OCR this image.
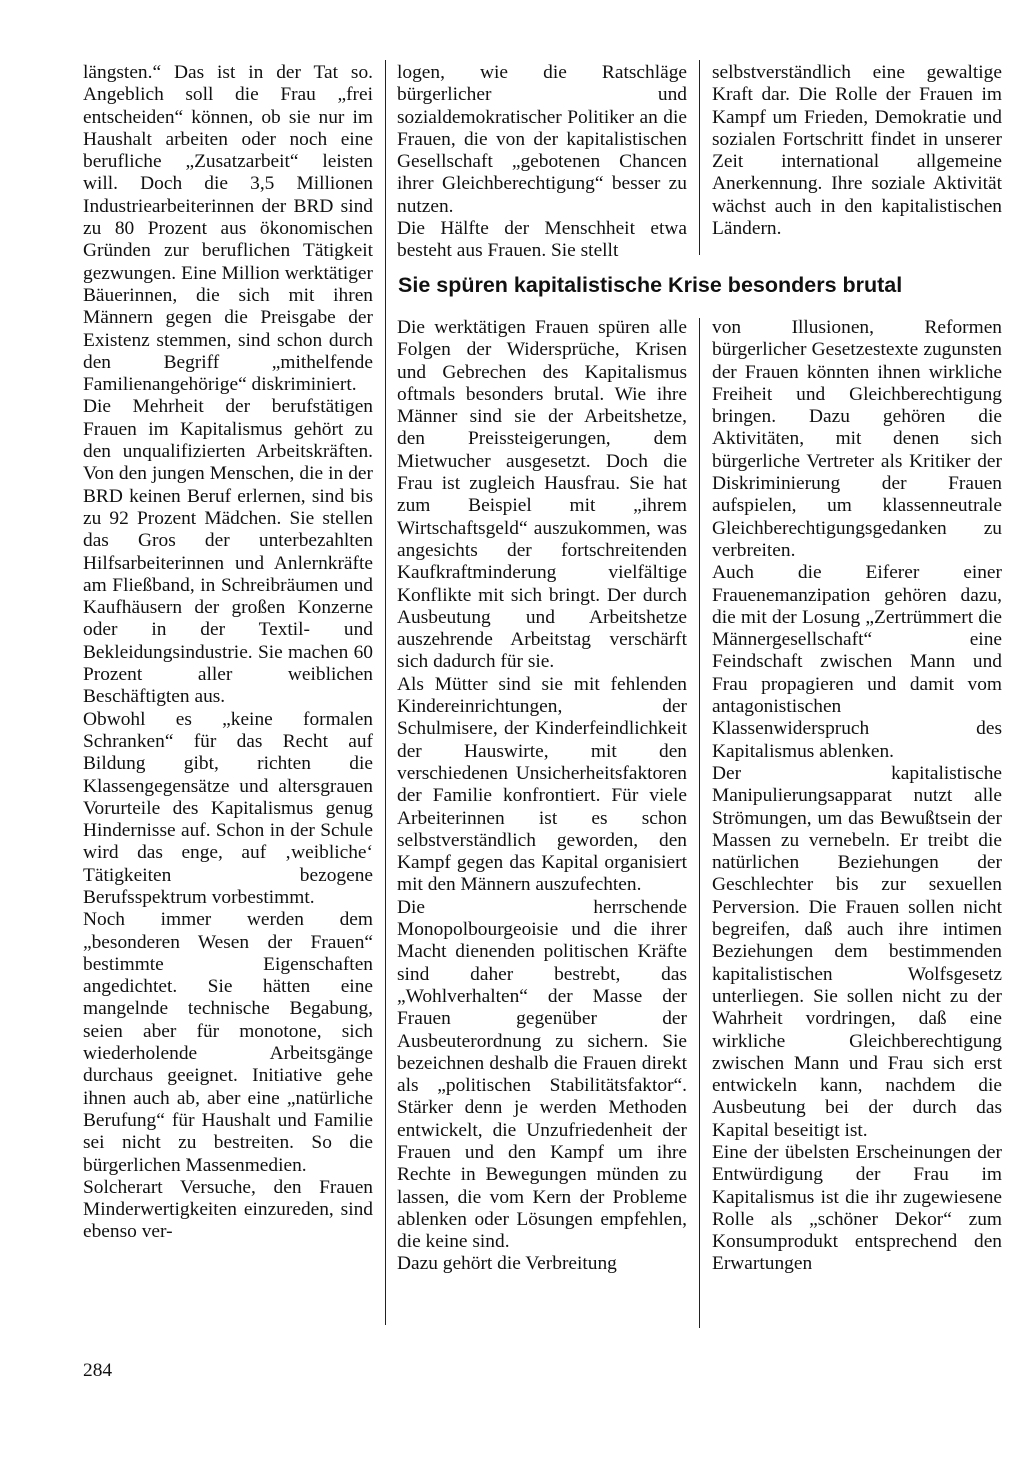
längsten.“ Das ist in der Tat so. Angeblich soll die Frau „frei entscheiden“ können, ob sie nur im Haushalt arbeiten oder noch eine berufliche „Zusatzarbeit“ leisten will. Doch die 3,5 Millionen Industriearbeiterinnen der BRD sind zu 80 Prozent aus ökonomischen Gründen zur beruflichen Tätigkeit gezwungen. Eine Million werktätiger Bäuerinnen, die sich mit ihren Männern gegen die Preisgabe der Existenz stemmen, sind schon durch den Begriff „mithelfende Familienangehörige“ diskriminiert.

Die Mehrheit der berufstätigen Frauen im Kapitalismus gehört zu den unqualifizierten Arbeitskräften. Von den jungen Menschen, die in der BRD keinen Beruf erlernen, sind bis zu 92 Prozent Mädchen. Sie stellen das Gros der unterbezahlten Hilfsarbeiterinnen und Anlernkräfte am Fließband, in Schreibräumen und Kaufhäusern der großen Konzerne oder in der Textil- und Bekleidungsindustrie. Sie machen 60 Prozent aller weiblichen Beschäftigten aus.

Obwohl es „keine formalen Schranken“ für das Recht auf Bildung gibt, richten die Klassengegensätze und altersgrauen Vorurteile des Kapitalismus genug Hindernisse auf. Schon in der Schule wird das enge, auf ‚weibliche‘ Tätigkeiten bezogene Berufsspektrum vorbestimmt.

Noch immer werden dem „besonderen Wesen der Frauen“ bestimmte Eigenschaften angedichtet. Sie hätten eine mangelnde technische Begabung, seien aber für monotone, sich wiederholende Arbeitsgänge durchaus geeignet. Initiative gehe ihnen auch ab, aber eine „natürliche Berufung“ für Haushalt und Familie sei nicht zu bestreiten. So die bürgerlichen Massenmedien.

Solcherart Versuche, den Frauen Minderwertigkeiten einzureden, sind ebenso ver-

logen, wie die Ratschläge bürgerlicher und sozialdemokratischer Politiker an die Frauen, die von der kapitalistischen Gesellschaft „gebotenen Chancen ihrer Gleichberechtigung“ besser zu nutzen.

Die Hälfte der Menschheit etwa besteht aus Frauen. Sie stellt

selbstverständlich eine gewaltige Kraft dar. Die Rolle der Frauen im Kampf um Frieden, Demokratie und sozialen Fortschritt findet in unserer Zeit international allgemeine Anerkennung. Ihre soziale Aktivität wächst auch in den kapitalistischen Ländern.

Sie spüren kapitalistische Krise besonders brutal

Die werktätigen Frauen spüren alle Folgen der Widersprüche, Krisen und Gebrechen des Kapitalismus oftmals besonders brutal. Wie ihre Männer sind sie der Arbeitshetze, den Preissteigerungen, dem Mietwucher ausgesetzt. Doch die Frau ist zugleich Hausfrau. Sie hat zum Beispiel mit „ihrem Wirtschaftsgeld“ auszukommen, was angesichts der fortschreitenden Kaufkraftminderung vielfältige Konflikte mit sich bringt. Der durch Ausbeutung und Arbeitshetze auszehrende Arbeitstag verschärft sich dadurch für sie.

Als Mütter sind sie mit fehlenden Kindereinrichtungen, der Schulmisere, der Kinderfeindlichkeit der Hauswirte, mit den verschiedenen Unsicherheitsfaktoren der Familie konfrontiert. Für viele Arbeiterinnen ist es schon selbstverständlich geworden, den Kampf gegen das Kapital organisiert mit den Männern auszufechten.

Die herrschende Monopolbourgeoisie und die ihrer Macht dienenden politischen Kräfte sind daher bestrebt, das „Wohlverhalten“ der Masse der Frauen gegenüber der Ausbeuterordnung zu sichern. Sie bezeichnen deshalb die Frauen direkt als „politischen Stabilitätsfaktor“. Stärker denn je werden Methoden entwickelt, die Unzufriedenheit der Frauen und den Kampf um ihre Rechte in Bewegungen münden zu lassen, die vom Kern der Probleme ablenken oder Lösungen empfehlen, die keine sind.

Dazu gehört die Verbreitung

von Illusionen, Reformen bürgerlicher Gesetzestexte zugunsten der Frauen könnten ihnen wirkliche Freiheit und Gleichberechtigung bringen. Dazu gehören die Aktivitäten, mit denen sich bürgerliche Vertreter als Kritiker der Diskriminierung der Frauen aufspielen, um klassenneutrale Gleichberechtigungsgedanken zu verbreiten.

Auch die Eiferer einer Frauenemanzipation gehören dazu, die mit der Losung „Zertrümmert die Männergesellschaft“ eine Feindschaft zwischen Mann und Frau propagieren und damit vom antagonistischen Klassenwiderspruch des Kapitalismus ablenken.

Der kapitalistische Manipulierungsapparat nutzt alle Strömungen, um das Bewußtsein der Massen zu vernebeln. Er treibt die natürlichen Beziehungen der Geschlechter bis zur sexuellen Perversion. Die Frauen sollen nicht begreifen, daß auch ihre intimen Beziehungen dem bestimmenden kapitalistischen Wolfsgesetz unterliegen. Sie sollen nicht zu der Wahrheit vordringen, daß eine wirkliche Gleichberechtigung zwischen Mann und Frau sich erst entwickeln kann, nachdem die Ausbeutung bei der durch das Kapital beseitigt ist.

Eine der übelsten Erscheinungen der Entwürdigung der Frau im Kapitalismus ist die ihr zugewiesene Rolle als „schöner Dekor“ zum Konsumprodukt entsprechend den Erwartungen

284
